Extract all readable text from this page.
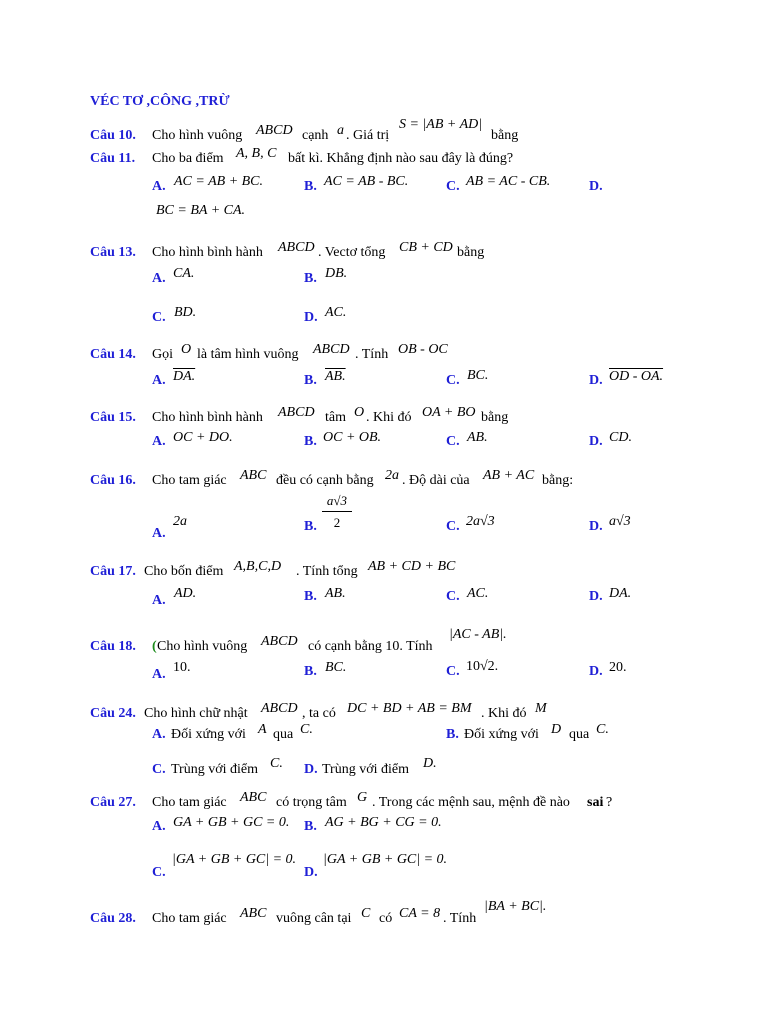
VÉC TƠ ,CÔNG ,TRỪ
Câu 10. Cho hình vuông ABCD cạnh a . Giá trị
S = |AB + AD|
bằng
Câu 11. Cho ba điểm A, B, C bất kì. Khẳng định nào sau đây là đúng?
A. AC = AB + BC.	B. AC = AB - BC.	C. AB = AC - CB.	D.
BC = BA + CA.
Câu 13. Cho hình bình hành ABCD . Vectơ tổng CB + CD bằng
A. CA.	B. DB.
C. BD.	D. AC.
Câu 14. Gọi O là tâm hình vuông ABCD . Tính OB - OC
A. DA.	B. AB.	C. BC.	D. OD - OA.
Câu 15. Cho hình bình hành ABCD tâm O . Khi đó OA + BO bằng
A. OC + DO.	B. OC + OB.	C. AB.	D. CD.
Câu 16. Cho tam giác ABC đều có cạnh bằng 2a . Độ dài của AB + AC bằng:
A.
2a	B. $\frac{a√3}{2}$	C. 2a√3	D. a√3
Câu 17. Cho bốn điểm A,B,C,D . Tính tổng AB + CD + BC
A. AD.	B. AB.	C. AC.	D. DA.
Câu 18. ( Cho hình vuông ABCD có cạnh bằng 10. Tính
|AC - AB|.
A. 10.	B. BC.	C. 10√2.	D. 20.
Câu 24. Cho hình chữ nhật ABCD , ta có DC + BD + AB = BM . Khi đó M
A. Đối xứng với A qua C.	B. Đối xứng với D qua C.
C. Trùng với điểm C. D. Trùng với điểm D.
Câu 27. Cho tam giác ABC có trọng tâm G . Trong các mệnh sau, mệnh đề nào sai ?
A. GA + GB + GC = 0. B. AG + BG + CG = 0.
C.
|GA + GB + GC| = 0.
D.
|GA + GB + GC| = 0.
Câu 28. Cho tam giác ABC vuông cân tại C có CA = 8 . Tính
|BA + BC|.
